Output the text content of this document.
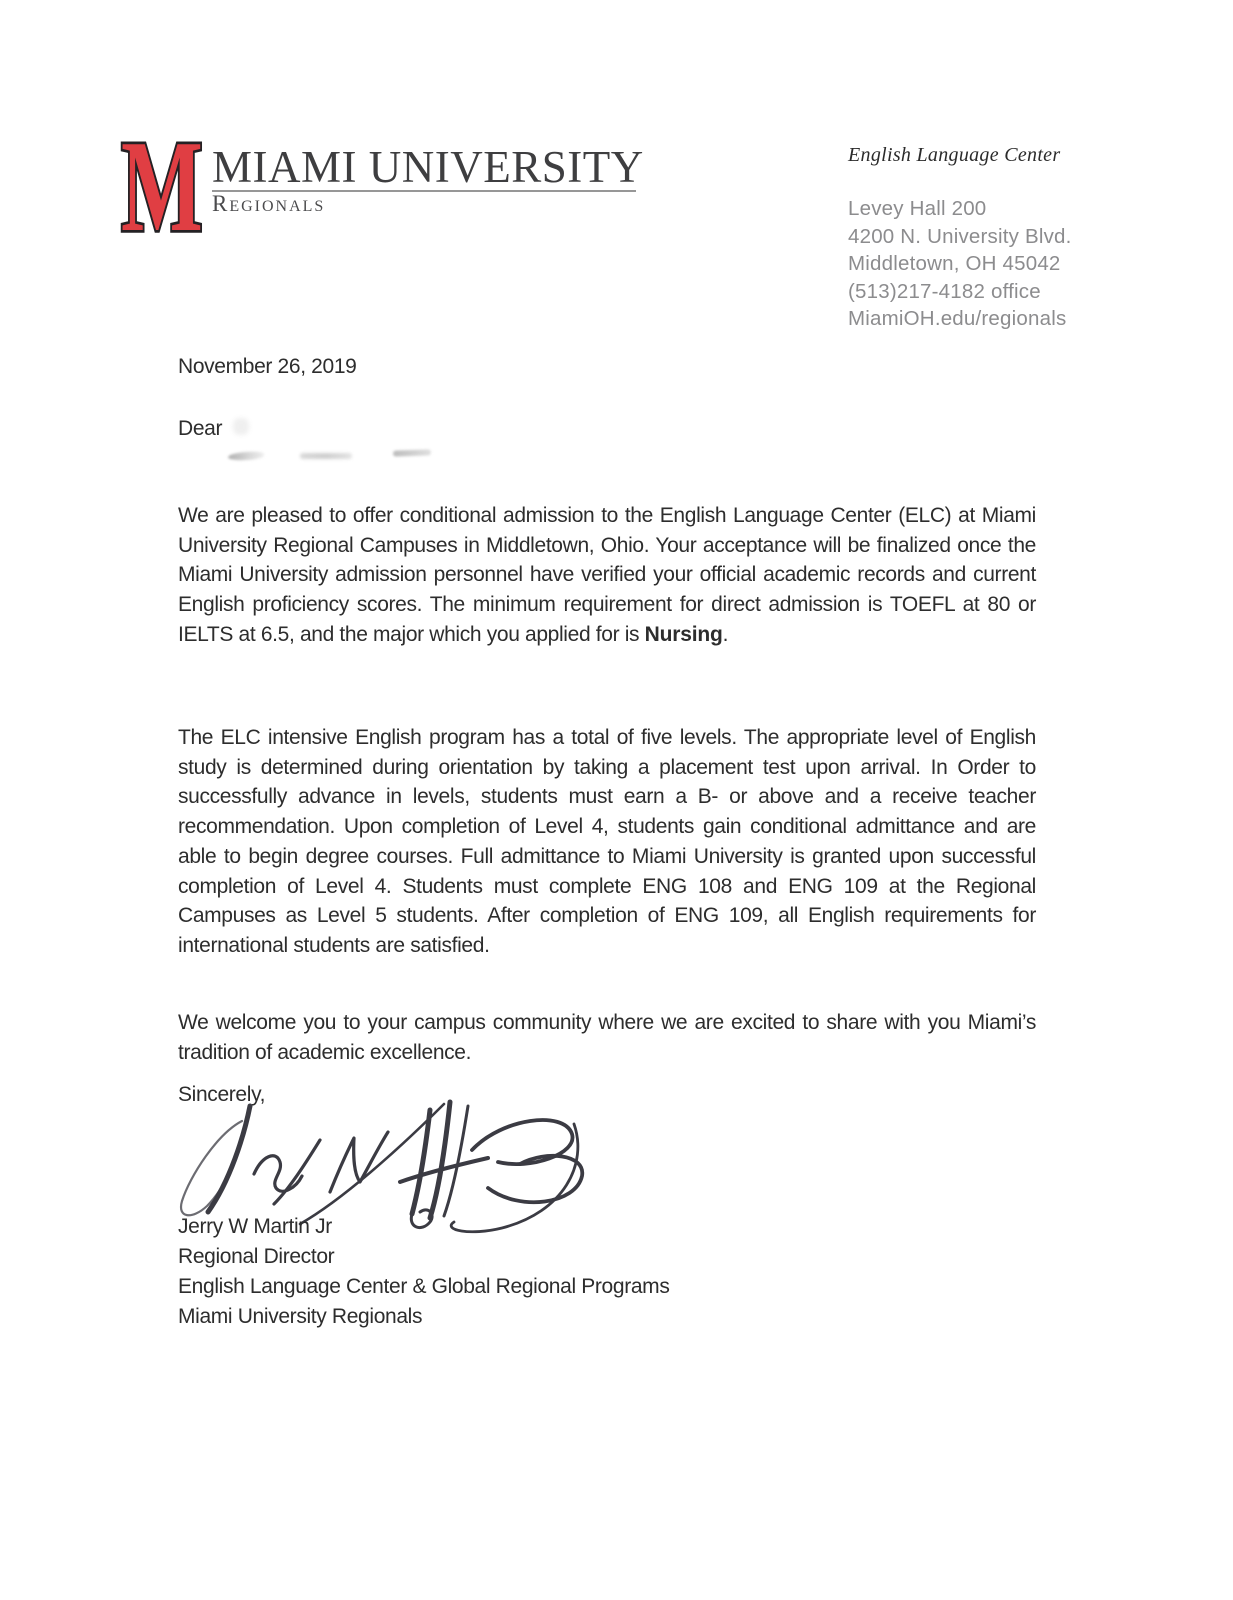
M MIAMI UNIVERSITY
Regionals
English Language Center
Levey Hall 200
4200 N. University Blvd.
Middletown, OH 45042
(513)217-4182 office
MiamiOH.edu/regionals
November 26, 2019
Dear

We are pleased to offer conditional admission to the English Language Center (ELC) at Miami University Regional Campuses in Middletown, Ohio. Your acceptance will be finalized once the Miami University admission personnel have verified your official academic records and current English proficiency scores. The minimum requirement for direct admission is TOEFL at 80 or IELTS at 6.5, and the major which you applied for is Nursing.

The ELC intensive English program has a total of five levels. The appropriate level of English study is determined during orientation by taking a placement test upon arrival. In Order to successfully advance in levels, students must earn a B- or above and a receive teacher recommendation. Upon completion of Level 4, students gain conditional admittance and are able to begin degree courses. Full admittance to Miami University is granted upon successful completion of Level 4. Students must complete ENG 108 and ENG 109 at the Regional Campuses as Level 5 students. After completion of ENG 109, all English requirements for international students are satisfied.

We welcome you to your campus community where we are excited to share with you Miami’s tradition of academic excellence.

Sincerely,
Jerry W Martin Jr
Regional Director
English Language Center & Global Regional Programs
Miami University Regionals
